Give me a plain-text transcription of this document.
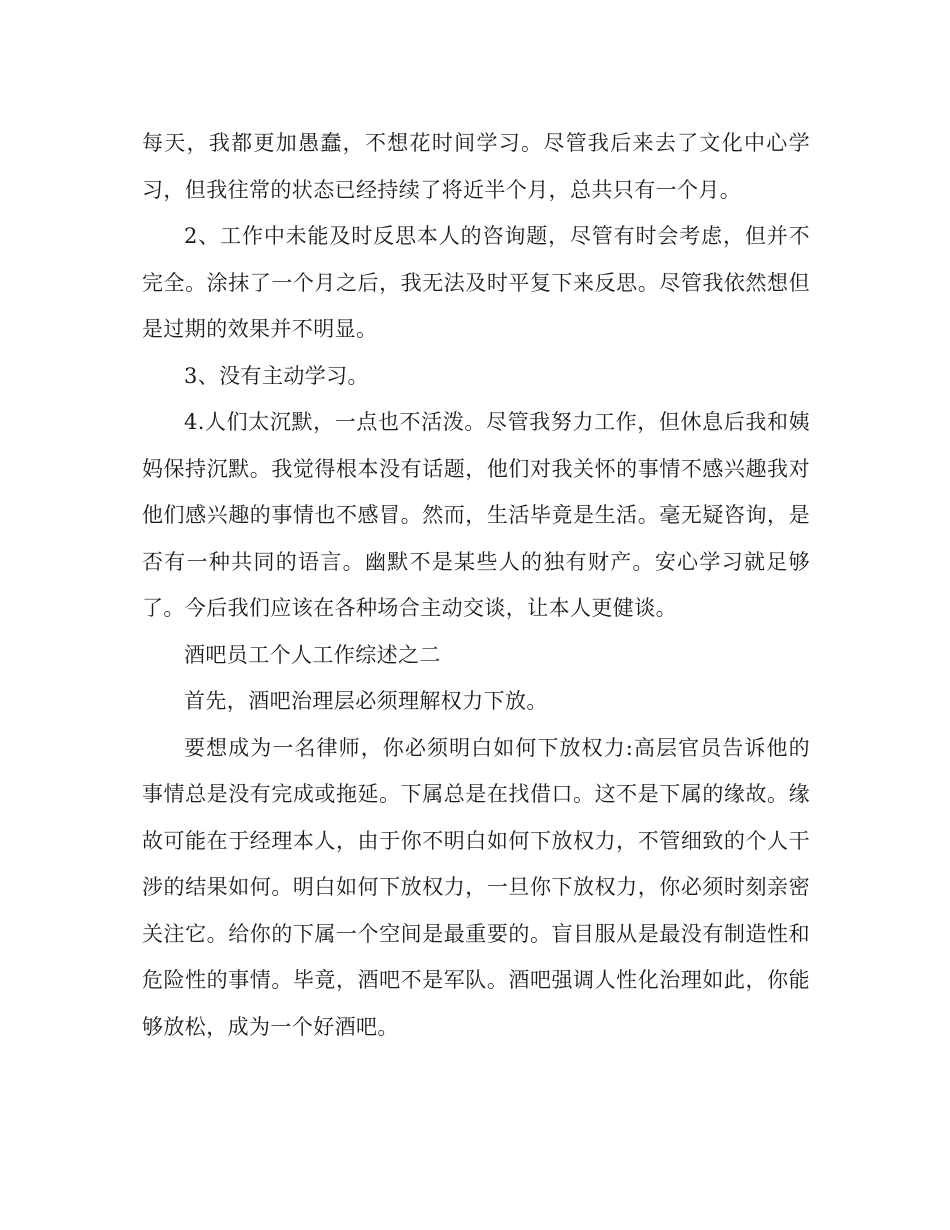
每天，我都更加愚蠢，不想花时间学习。尽管我后来去了文化中心学习，但我往常的状态已经持续了将近半个月，总共只有一个月。

2、工作中未能及时反思本人的咨询题，尽管有时会考虑，但并不完全。涂抹了一个月之后，我无法及时平复下来反思。尽管我依然想但是过期的效果并不明显。

3、没有主动学习。

4.人们太沉默，一点也不活泼。尽管我努力工作，但休息后我和姨妈保持沉默。我觉得根本没有话题，他们对我关怀的事情不感兴趣我对他们感兴趣的事情也不感冒。然而，生活毕竟是生活。毫无疑咨询，是否有一种共同的语言。幽默不是某些人的独有财产。安心学习就足够了。今后我们应该在各种场合主动交谈，让本人更健谈。

酒吧员工个人工作综述之二

首先，酒吧治理层必须理解权力下放。

要想成为一名律师，你必须明白如何下放权力:高层官员告诉他的事情总是没有完成或拖延。下属总是在找借口。这不是下属的缘故。缘故可能在于经理本人，由于你不明白如何下放权力，不管细致的个人干涉的结果如何。明白如何下放权力，一旦你下放权力，你必须时刻亲密关注它。给你的下属一个空间是最重要的。盲目服从是最没有制造性和危险性的事情。毕竟，酒吧不是军队。酒吧强调人性化治理如此，你能够放松，成为一个好酒吧。
